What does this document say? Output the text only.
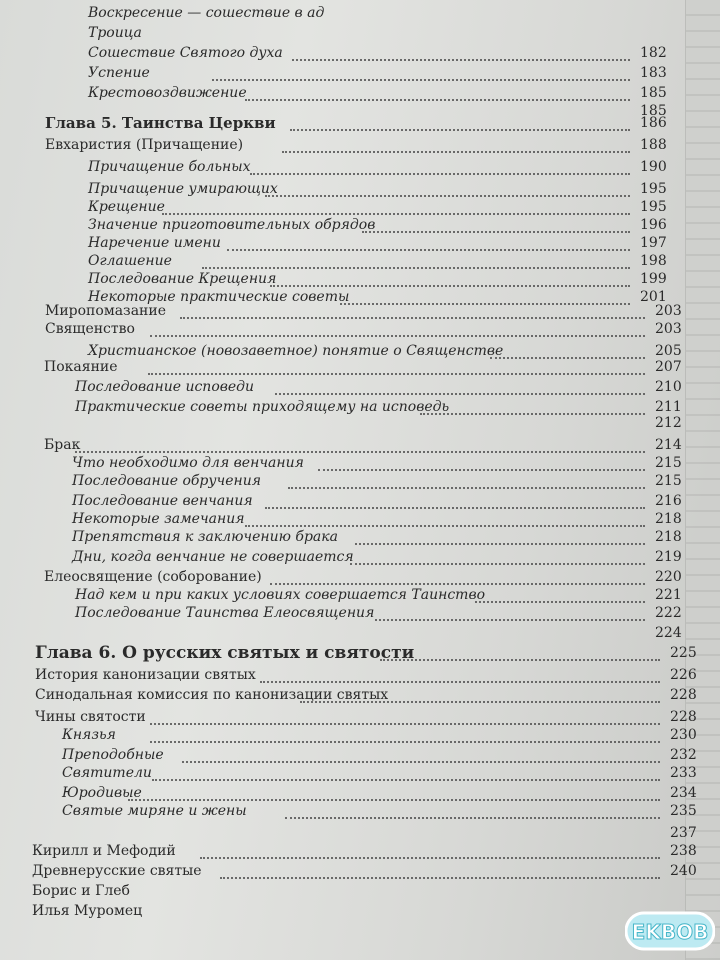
Воскресение — сошествие в ад
Троица
Сошествие Святого духа	182
Успение	183
Крестовоздвижение	185
185
Глава 5. Таинства Церкви	186
Евхаристия (Причащение)	188
Причащение больных	190
Причащение умирающих	195
Крещение	195
Значение приготовительных обрядов	196
Наречение имени	197
Оглашение	198
Последование Крещения	199
Некоторые практические советы	201
Миропомазание	203
Священство	203
Христианское (новозаветное) понятие о Священстве	205
Покаяние	207
Последование исповеди	210
Практические советы приходящему на исповедь	211
212
Брак	214
Что необходимо для венчания	215
Последование обручения	215
Последование венчания	216
Некоторые замечания	218
Препятствия к заключению брака	218
Дни, когда венчание не совершается	219
Елеосвящение (соборование)	220
Над кем и при каких условиях совершается Таинство	221
Последование Таинства Елеосвящения	222
224
Глава 6. О русских святых и святости	225
История канонизации святых	226
Синодальная комиссия по канонизации святых	228
Чины святости	228
Князья	230
Преподобные	232
Святители	233
Юродивые	234
Святые миряне и жены	235
237
Кирилл и Мефодий	238
Древнерусские святые	240
Борис и Глеб
Илья Муромец
EKBOB
